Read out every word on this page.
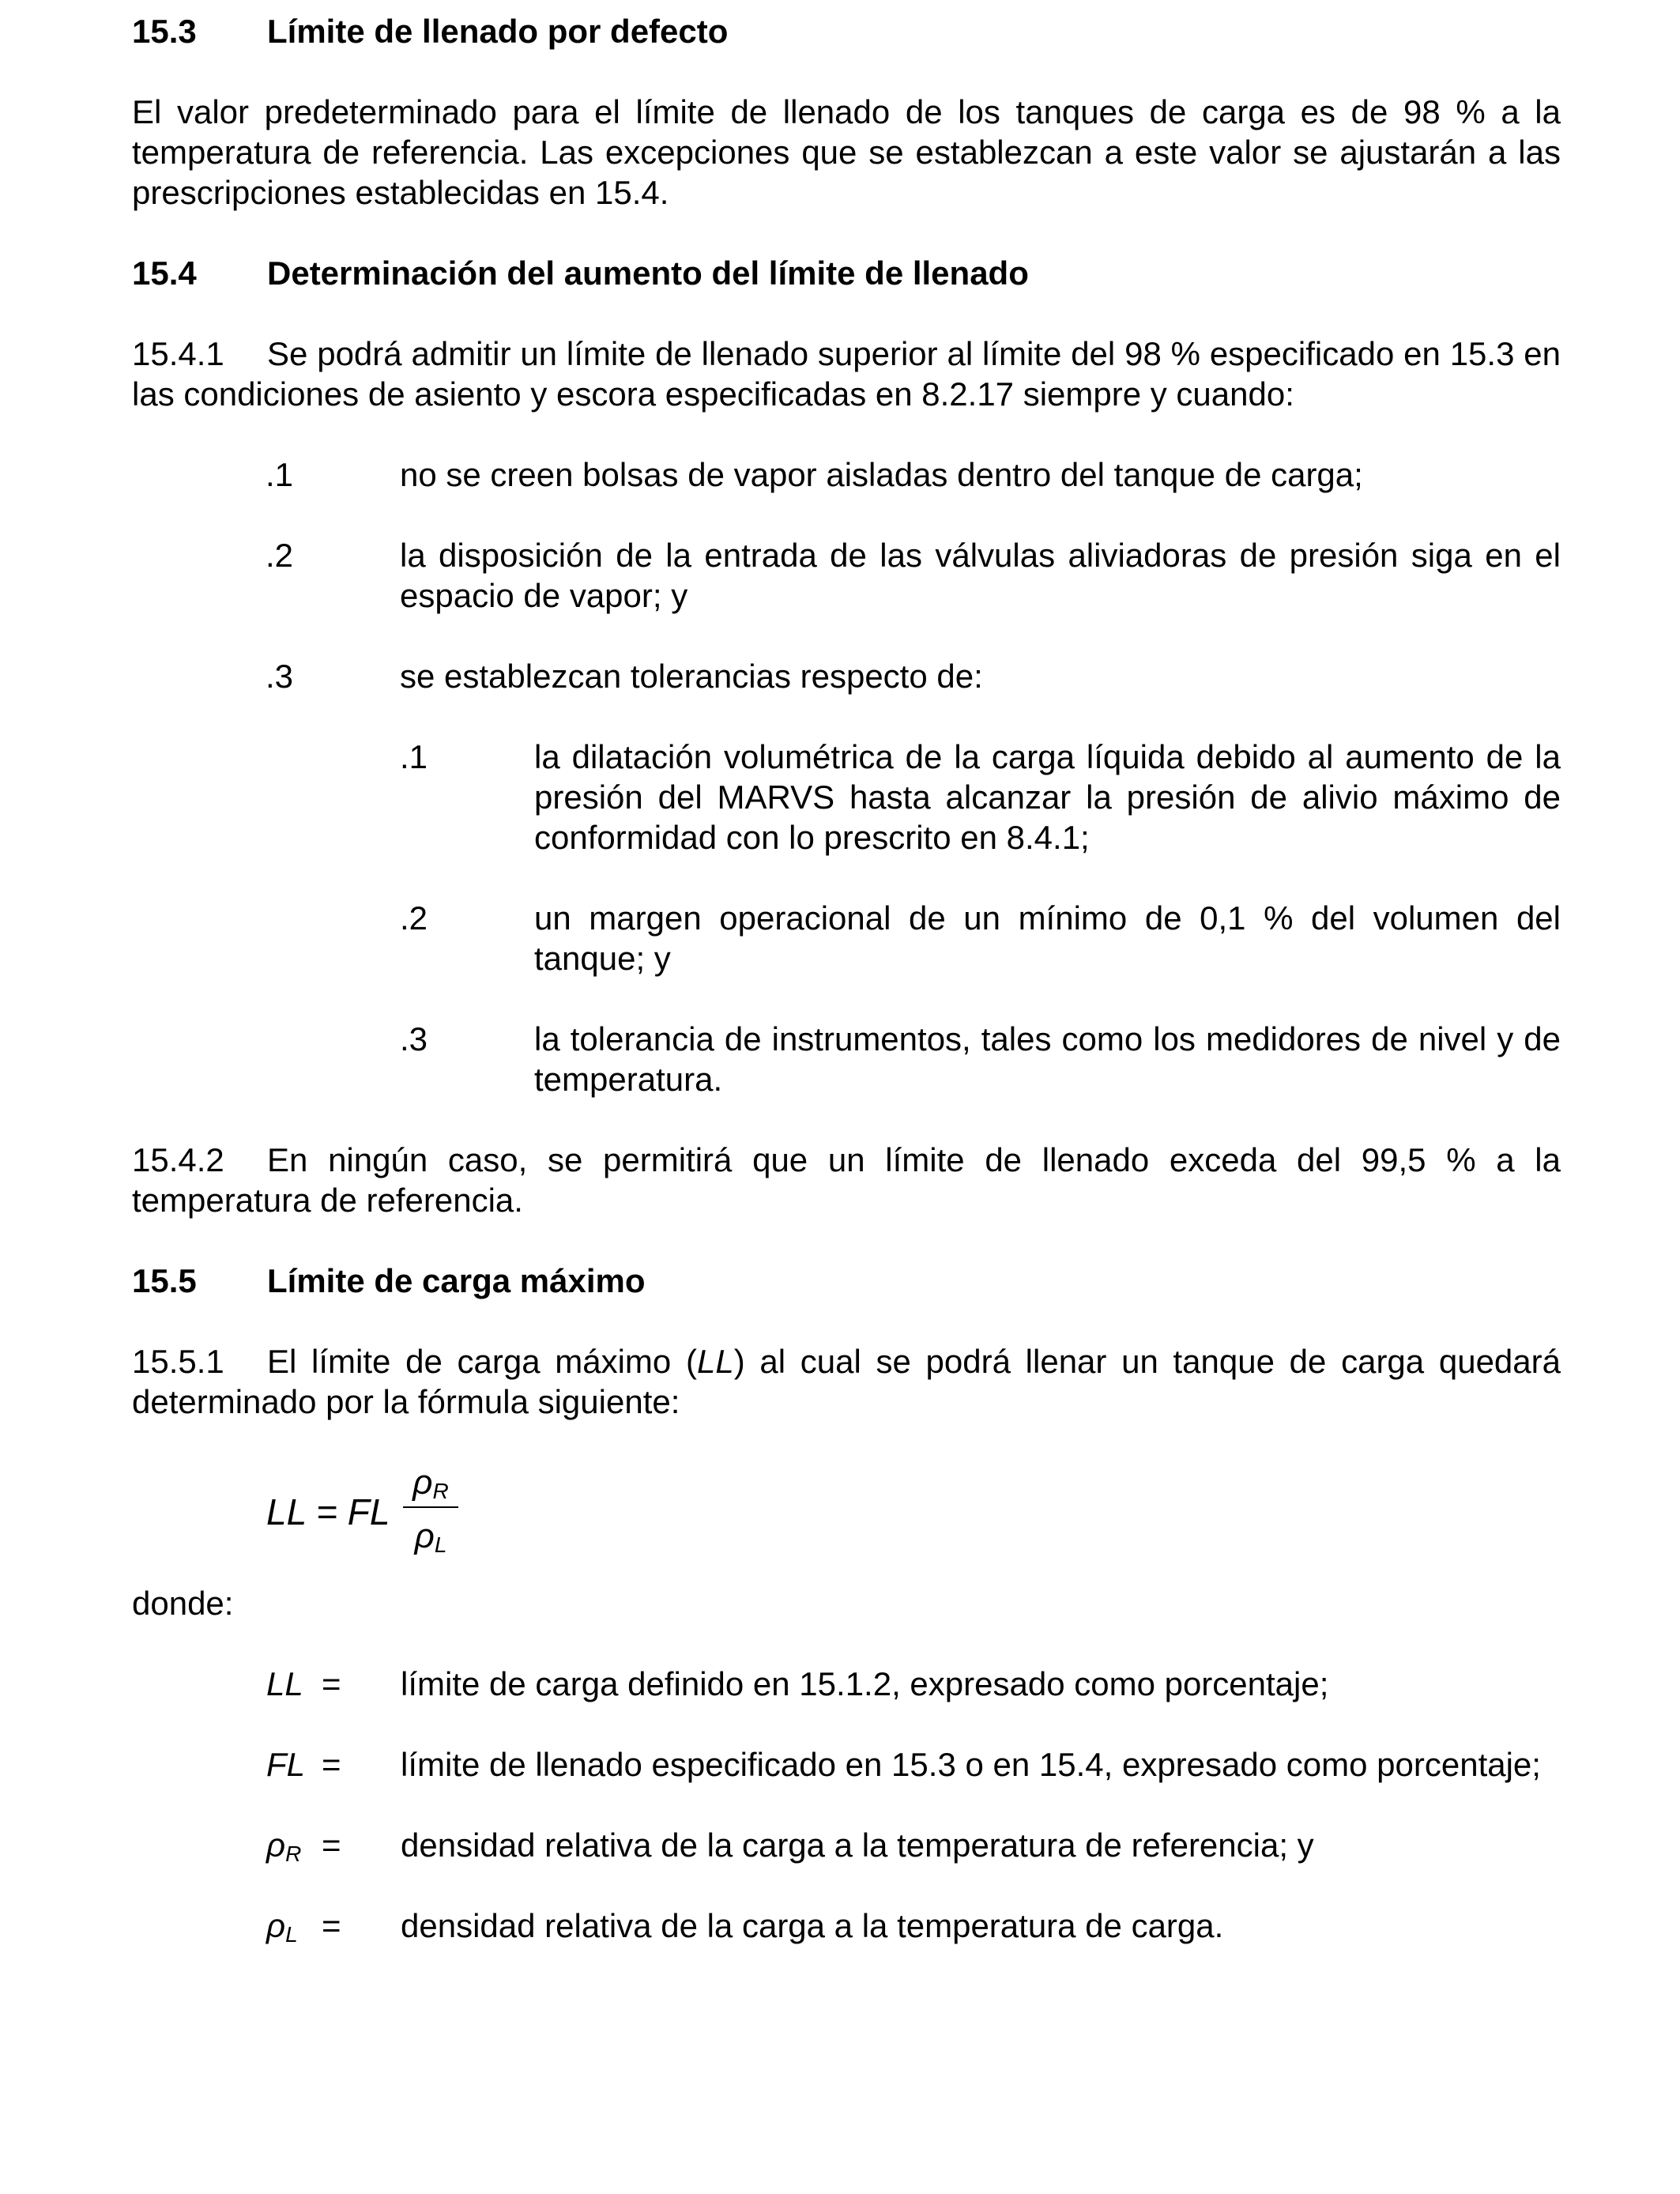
15.3 Límite de llenado por defecto

El valor predeterminado para el límite de llenado de los tanques de carga es de 98 % a la temperatura de referencia. Las excepciones que se establezcan a este valor se ajustarán a las prescripciones establecidas en 15.4.

15.4 Determinación del aumento del límite de llenado

15.4.1 Se podrá admitir un límite de llenado superior al límite del 98 % especificado en 15.3 en las condiciones de asiento y escora especificadas en 8.2.17 siempre y cuando:

.1	no se creen bolsas de vapor aisladas dentro del tanque de carga;
.2	la disposición de la entrada de las válvulas aliviadoras de presión siga en el espacio de vapor; y
.3	se establezcan tolerancias respecto de:
.1	la dilatación volumétrica de la carga líquida debido al aumento de la presión del MARVS hasta alcanzar la presión de alivio máximo de conformidad con lo prescrito en 8.4.1;
.2	un margen operacional de un mínimo de 0,1 % del volumen del tanque; y
.3	la tolerancia de instrumentos, tales como los medidores de nivel y de temperatura.

15.4.2 En ningún caso, se permitirá que un límite de llenado exceda del 99,5 % a la temperatura de referencia.

15.5 Límite de carga máximo

15.5.1 El límite de carga máximo (LL) al cual se podrá llenar un tanque de carga quedará determinado por la fórmula siguiente:

LL = FL
$\rho_R$
$\rho_L$

donde:

LL =	límite de carga definido en 15.1.2, expresado como porcentaje;
FL =	límite de llenado especificado en 15.3 o en 15.4, expresado como porcentaje;
$\rho_R$ =	densidad relativa de la carga a la temperatura de referencia; y
$\rho_L$ =	densidad relativa de la carga a la temperatura de carga.
